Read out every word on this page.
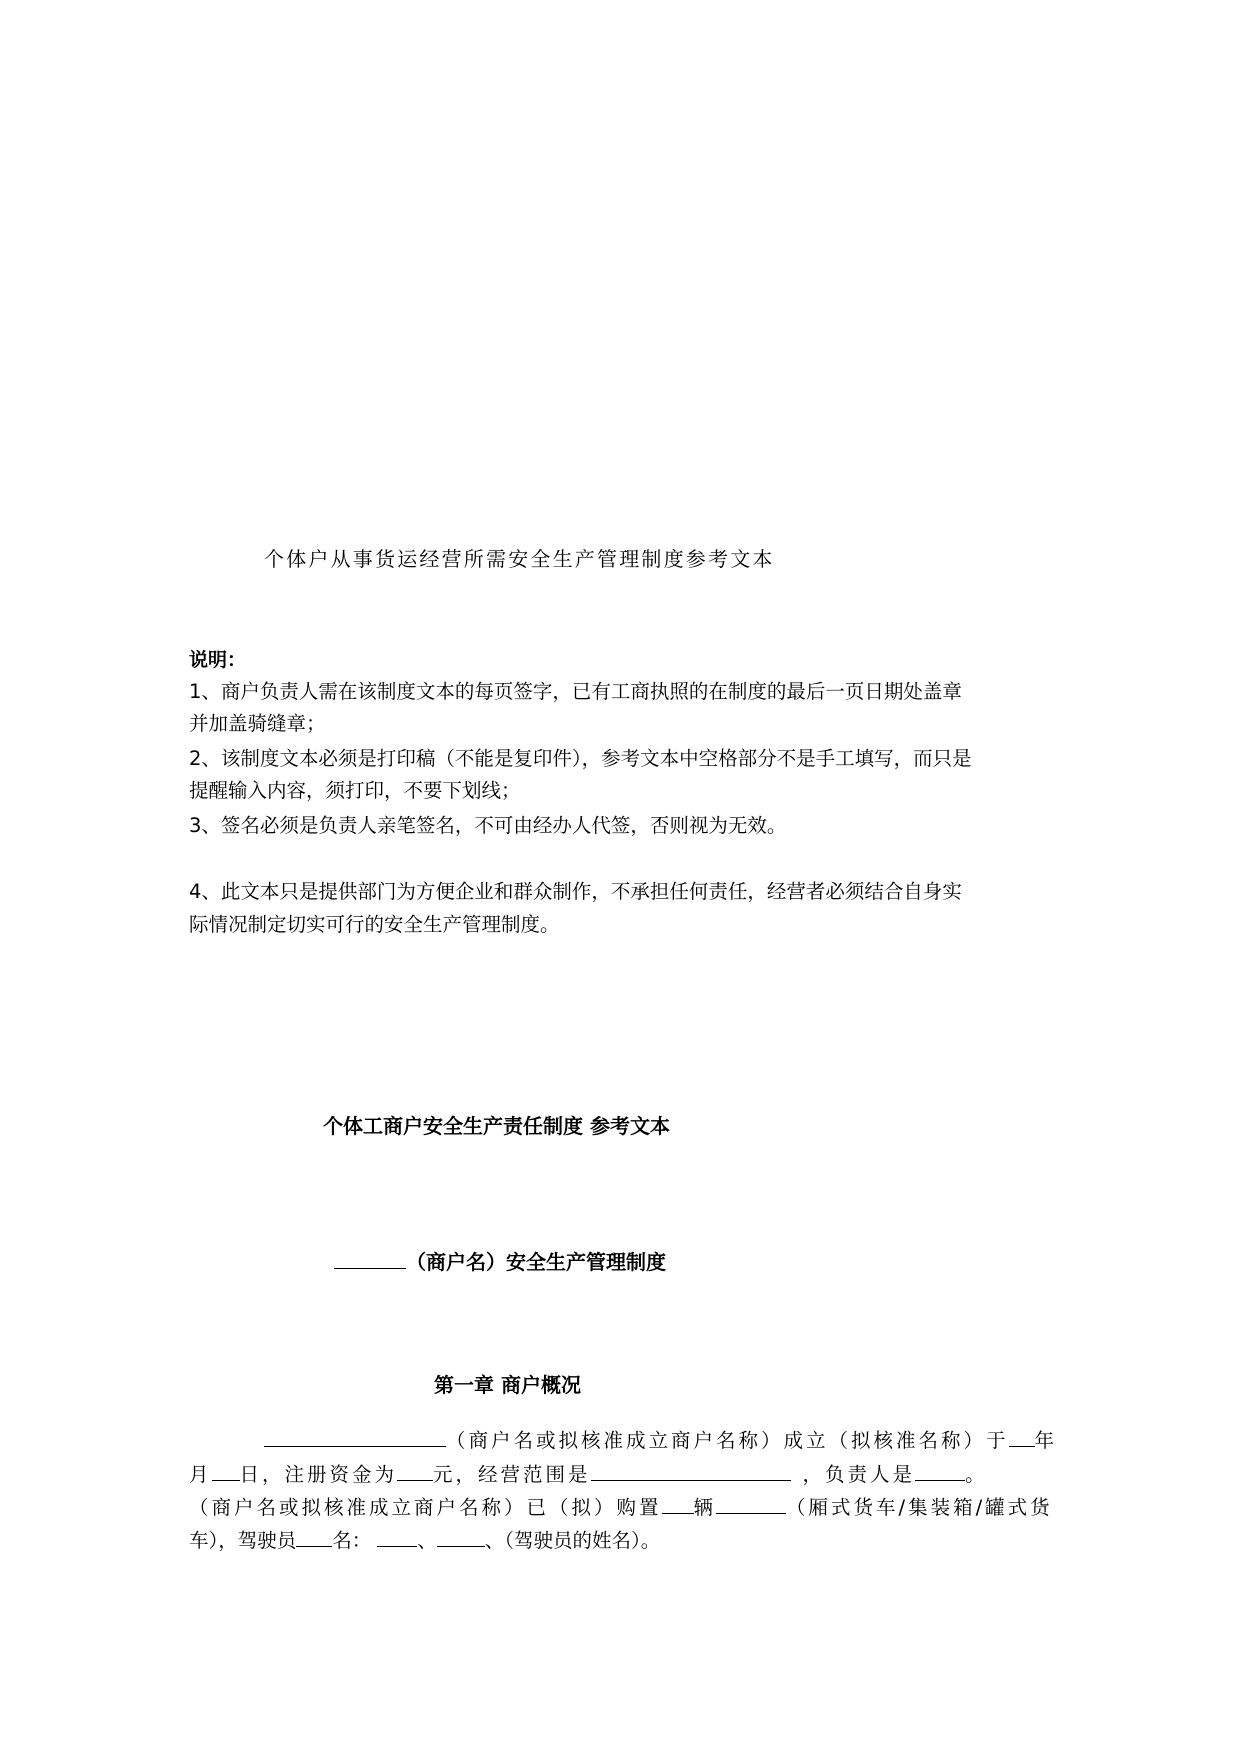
个体户从事货运经营所需安全生产管理制度参考文本
说明：
1、商户负责人需在该制度文本的每页签字，已有工商执照的在制度的最后一页日期处盖章
并加盖骑缝章；
2、该制度文本必须是打印稿（不能是复印件），参考文本中空格部分不是手工填写，而只是
提醒输入内容，须打印，不要下划线；
3、签名必须是负责人亲笔签名，不可由经办人代签，否则视为无效。
4、此文本只是提供部门为方便企业和群众制作，不承担任何责任，经营者必须结合自身实
际情况制定切实可行的安全生产管理制度。
个体工商户安全生产责任制度 参考文本
（商户名）安全生产管理制度
第一章 商户概况
（商户名或拟核准成立商户名称）成立（拟核准名称）于 年
月 日，注册资金为 元，经营范围是	，负责人是	。
（商户名或拟核准成立商户名称）已（拟）购置 辆	（厢式货车/集装箱/罐式货
车），驾驶员 名： 、 、（驾驶员的姓名）。
